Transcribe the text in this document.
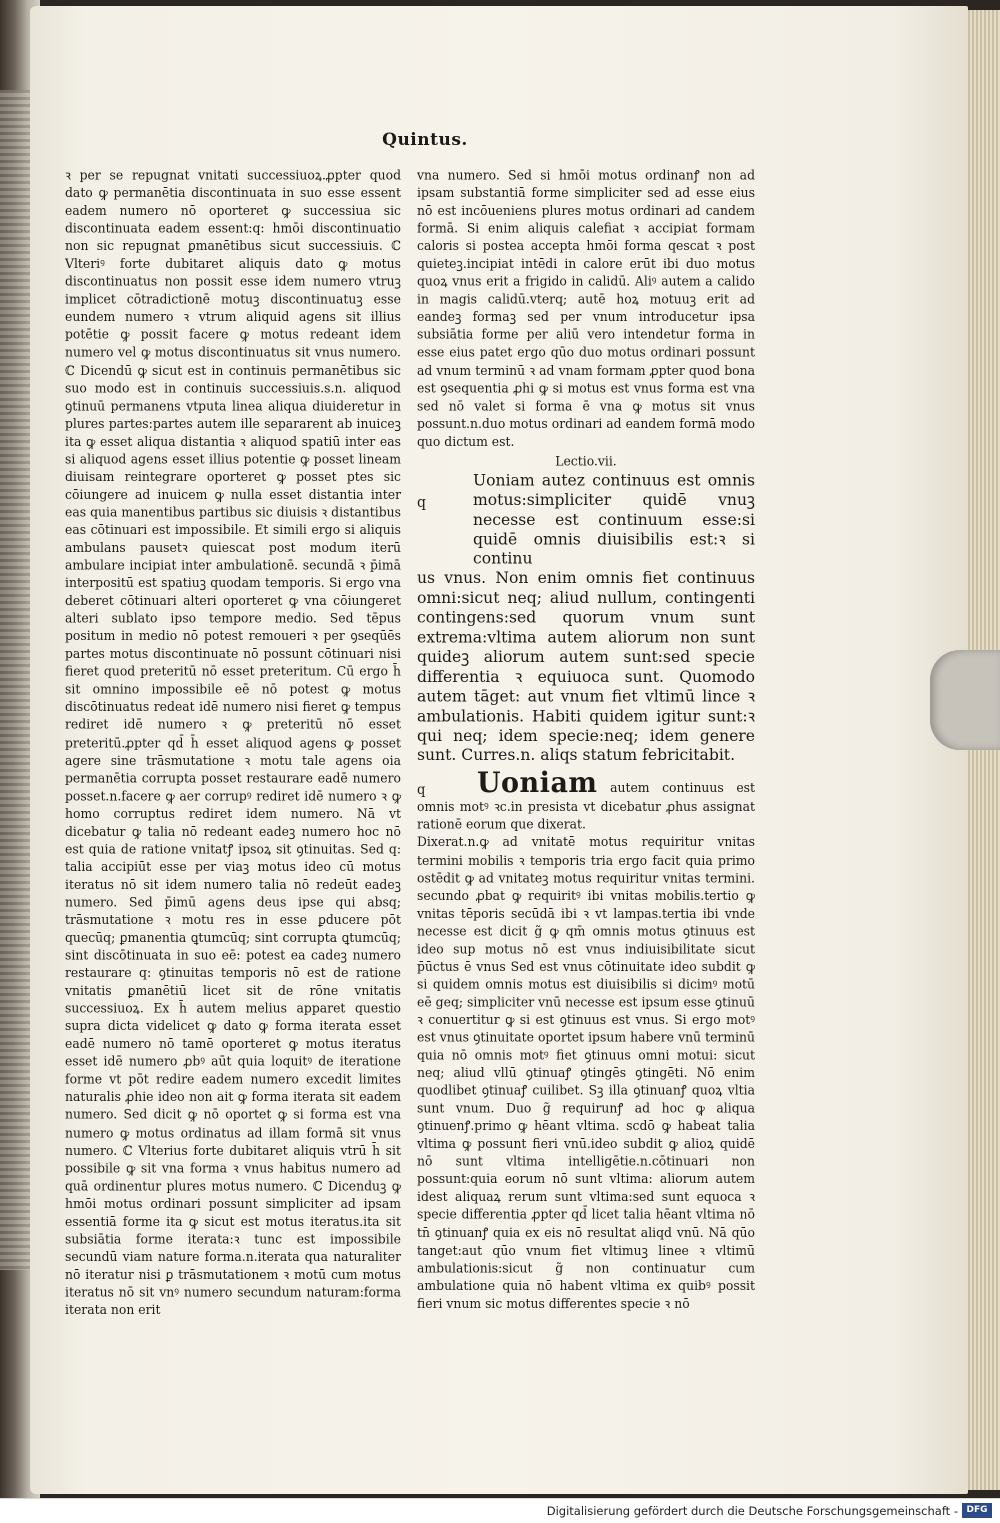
Quintus.

ꝛ per se repugnat vnitati successiuoꝝ.ꝓpter quod dato ꝙ permanētia discontinuata in suo esse essent eadem numero nō oporteret ꝙ successiua sic discontinuata eadem essent:q: hmōi discontinuatio non sic repugnat ꝑmanētibus sicut successiuis. ℂ Vlteriꝰ forte dubitaret aliquis dato ꝙ motus discontinuatus non possit esse idem numero vtruꝫ implicet cōtradictionē motuꝫ discontinuatuꝫ esse eundem numero ꝛ vtrum aliquid agens sit illius potētie ꝙ possit facere ꝙ motus redeant idem numero vel ꝙ motus discontinuatus sit vnus numero. ℂ Dicendū ꝙ sicut est in continuis permanētibus sic suo modo est in continuis successiuis.s.n. aliquod ꝯtinuū permanens vtputa linea aliqua diuideretur in plures partes:partes autem ille separarent ab inuiceꝫ ita ꝙ esset aliqua distantia ꝛ aliquod spatiū inter eas si aliquod agens esset illius potentie ꝙ posset lineam diuisam reintegrare oporteret ꝙ posset ptes sic cōiungere ad inuicem ꝙ nulla esset distantia inter eas quia manentibus partibus sic diuisis ꝛ distantibus eas cōtinuari est impossibile. Et simili ergo si aliquis ambulans pausetꝛ quiescat post modum iterū ambulare incipiat inter ambulationē. secundā ꝛ p̄imā interpositū est spatiuꝫ quodam temporis. Si ergo vna deberet cōtinuari alteri oporteret ꝙ vna cōiungeret alteri sublato ipso tempore medio. Sed tēpus positum in medio nō potest remoueri ꝛ per ꝯseqūēs partes motus discontinuate nō possunt cōtinuari nisi fieret quod preteritū nō esset preteritum. Cū ergo h̄ sit omnino impossibile eē nō potest ꝙ motus discōtinuatus redeat idē numero nisi fieret ꝙ tempus rediret idē numero ꝛ ꝙ preteritū nō esset preteritū.ꝓpter qd̄ h̄ esset aliquod agens ꝙ posset agere sine trāsmutatione ꝛ motu tale agens oia permanētia corrupta posset restaurare eadē numero posset.n.facere ꝙ aer corrupꝰ rediret idē numero ꝛ ꝙ homo corruptus rediret idem numero. Nā vt dicebatur ꝙ talia nō redeant eadeꝫ numero hoc nō est quia de ratione vnitatꝭ ipsoꝝ sit ꝯtinuitas. Sed q: talia accipiūt esse per viaꝫ motus ideo cū motus iteratus nō sit idem numero talia nō redeūt eadeꝫ numero. Sed p̄imū agens deus ipse qui absq; trāsmutatione ꝛ motu res in esse ꝑducere pōt quecūq; ꝑmanentia ꝗtumcūq; sint corrupta ꝗtumcūq; sint discōtinuata in suo eē: potest ea cadeꝫ numero restaurare q: ꝯtinuitas temporis nō est de ratione vnitatis ꝑmanētiū licet sit de rōne vnitatis successiuoꝝ. Ex h̄ autem melius apparet questio supra dicta videlicet ꝙ dato ꝙ forma iterata esset eadē numero nō tamē oporteret ꝙ motus iteratus esset idē numero ꝓbꝰ aūt quia loquitꝰ de iteratione forme vt pōt redire eadem numero excedit limites naturalis ꝓhie ideo non ait ꝙ forma iterata sit eadem numero. Sed dicit ꝙ nō oportet ꝙ si forma est vna numero ꝙ motus ordinatus ad illam formā sit vnus numero. ℂ Vlterius forte dubitaret aliquis vtrū h̄ sit possibile ꝙ sit vna forma ꝛ vnus habitus numero ad quā ordinentur plures motus numero. ℂ Dicenduꝫ ꝙ hmōi motus ordinari possunt simpliciter ad ipsam essentiā forme ita ꝙ sicut est motus iteratus.ita sit subsiātia forme iterata:ꝛ tunc est impossibile secundū viam nature forma.n.iterata qua naturaliter nō iteratur nisi ꝑ trāsmutationem ꝛ motū cum motus iteratus nō sit vnꝰ numero secundum naturam:forma iterata non erit

vna numero. Sed si hmōi motus ordinanꝭ non ad ipsam substantiā forme simpliciter sed ad esse eius nō est incōueniens plures motus ordinari ad candem formā. Si enim aliquis calefiat ꝛ accipiat formam caloris si postea accepta hmōi forma qescat ꝛ post quieteꝫ.incipiat intēdi in calore erūt ibi duo motus quoꝝ vnus erit a frigido in calidū. Aliꝰ autem a calido in magis calidū.vterq; autē hoꝝ motuuꝫ erit ad eandeꝫ formaꝫ sed per vnum introducetur ipsa subsiātia forme per aliū vero intendetur forma in esse eius patet ergo qūo duo motus ordinari possunt ad vnum terminū ꝛ ad vnam formam ꝓpter quod bona est ꝯsequentia ꝓhi ꝙ si motus est vnus forma est vna sed nō valet si forma ē vna ꝙ motus sit vnus possunt.n.duo motus ordinari ad eandem formā modo quo dictum est.

Lectio.vii.
q

Uoniam autez continuus est omnis motus:simpliciter quidē vnuꝫ necesse est continuum esse:si quidē omnis diuisibilis est:ꝛ si continu

us vnus. Non enim omnis fiet continuus omni:sicut neq; aliud nullum, contingenti contingens:sed quorum vnum sunt extrema:vltima autem aliorum non sunt quideꝫ aliorum autem sunt:sed specie differentia ꝛ equiuoca sunt. Quomodo autem tāget: aut vnum fiet vltimū lince ꝛ ambulationis. Habiti quidem igitur sunt:ꝛ qui neq; idem specie:neq; idem genere sunt. Curres.n. aliqs statum febricitabit.

q Uoniam autem continuus est omnis motꝰ ꝛc.in presista vt dicebatur ꝓhus assignat rationē eorum que dixerat.

Dixerat.n.ꝙ ad vnitatē motus requiritur vnitas termini mobilis ꝛ temporis tria ergo facit quia primo ostēdit ꝙ ad vnitateꝫ motus requiritur vnitas termini. secundo ꝓbat ꝙ requiritꝰ ibi vnitas mobilis.tertio ꝙ vnitas tēporis secūdā ibi ꝛ vt lampas.tertia ibi vnde necesse est dicit g̃ ꝙ qm̄ omnis motus ꝯtinuus est ideo sup motus nō est vnus indiuisibilitate sicut p̄ūctus ē vnus Sed est vnus cōtinuitate ideo subdit ꝙ si quidem omnis motus est diuisibilis si dicimꝰ motū eē geq; simpliciter vnū necesse est ipsum esse ꝯtinuū ꝛ conuertitur ꝙ si est ꝯtinuus est vnus. Si ergo motꝰ est vnus ꝯtinuitate oportet ipsum habere vnū terminū quia nō omnis motꝰ fiet ꝯtinuus omni motui: sicut neq; aliud vllū ꝯtinuaꝭ ꝯtingēs ꝯtingēti. Nō enim quodlibet ꝯtinuaꝭ cuilibet. Sꝫ illa ꝯtinuanꝭ quoꝝ vltia sunt vnum. Duo g̃ requirunꝭ ad hoc ꝙ aliqua ꝯtinuenꝭ.primo ꝙ hēant vltima. scdō ꝙ habeat talia vltima ꝙ possunt fieri vnū.ideo subdit ꝙ alioꝝ quidē nō sunt vltima intelligētie.n.cōtinuari non possunt:quia eorum nō sunt vltima: aliorum autem idest aliquaꝝ rerum sunt vltima:sed sunt equoca ꝛ specie differentia ꝓpter qd̄ licet talia hēant vltima nō tn̄ ꝯtinuanꝭ quia ex eis nō resultat aliqd vnū. Nā qūo tanget:aut qūo vnum fiet vltimuꝫ linee ꝛ vltimū ambulationis:sicut g̃ non continuatur cum ambulatione quia nō habent vltima ex quibꝰ possit fieri vnum sic motus differentes specie ꝛ nō

Digitalisierung gefördert durch die Deutsche Forschungsgemeinschaft - DFG
